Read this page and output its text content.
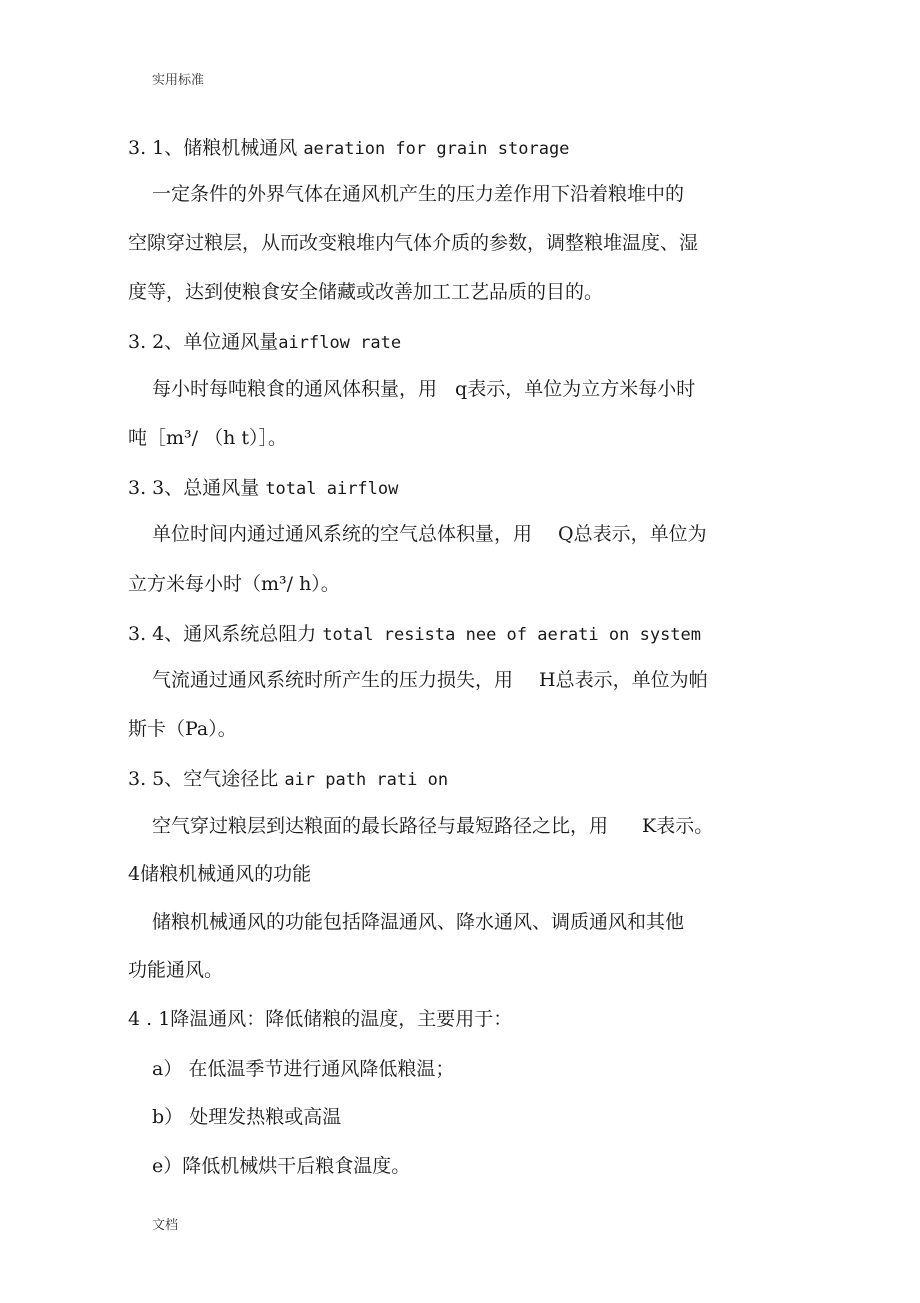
实用标准
3. 1、储粮机械通风 aeration for grain storage
一定条件的外界气体在通风机产生的压力差作用下沿着粮堆中的
空隙穿过粮层，从而改变粮堆内气体介质的参数，调整粮堆温度、湿
度等，达到使粮食安全储藏或改善加工工艺品质的目的。
3. 2、单位通风量airflow rate
每小时每吨粮食的通风体积量，用 q表示，单位为立方米每小时
吨［m³/ （h t）］。
3. 3、总通风量 total airflow
单位时间内通过通风系统的空气总体积量，用 Q总表示，单位为
立方米每小时（m³/ h）。
3. 4、通风系统总阻力 total resista nee of aerati on system
气流通过通风系统时所产生的压力损失，用 H总表示，单位为帕
斯卡（Pa）。
3. 5、空气途径比 air path rati on
空气穿过粮层到达粮面的最长路径与最短路径之比，用 K表示。
4储粮机械通风的功能
储粮机械通风的功能包括降温通风、降水通风、调质通风和其他
功能通风。
4 . 1降温通风：降低储粮的温度，主要用于：
a） 在低温季节进行通风降低粮温；
b） 处理发热粮或高温
e）降低机械烘干后粮食温度。
文档
